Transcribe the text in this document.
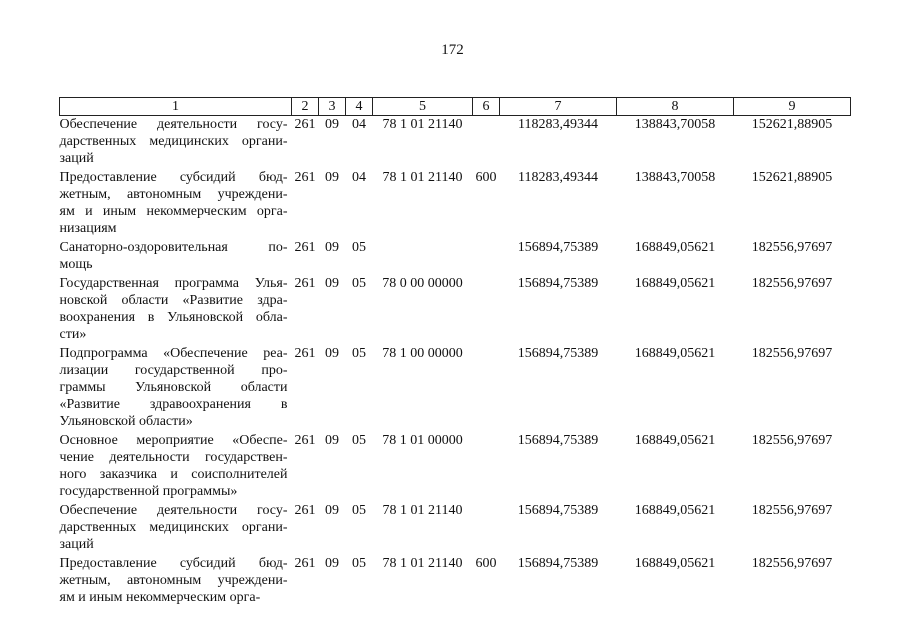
172
1	2	3	4	5	6	7	8	9

Обеспечение деятельности госу-
дарственных медицинских органи-
заций	261	09	04	78 1 01 21140		118283,49344	138843,70058	152621,88905

Предоставление субсидий бюд-
жетным, автономным учреждени-
ям и иным некоммерческим орга-
низациям	261	09	04	78 1 01 21140	600	118283,49344	138843,70058	152621,88905

Санаторно-оздоровительная по-
мощь	261	09	05			156894,75389	168849,05621	182556,97697

Государственная программа Улья-
новской области «Развитие здра-
воохранения в Ульяновской обла-
сти»	261	09	05	78 0 00 00000		156894,75389	168849,05621	182556,97697

Подпрограмма «Обеспечение реа-
лизации государственной про-
граммы Ульяновской области
«Развитие здравоохранения в
Ульяновской области»	261	09	05	78 1 00 00000		156894,75389	168849,05621	182556,97697

Основное мероприятие «Обеспе-
чение деятельности государствен-
ного заказчика и соисполнителей
государственной программы»	261	09	05	78 1 01 00000		156894,75389	168849,05621	182556,97697

Обеспечение деятельности госу-
дарственных медицинских органи-
заций	261	09	05	78 1 01 21140		156894,75389	168849,05621	182556,97697

Предоставление субсидий бюд-
жетным, автономным учреждени-
ям и иным некоммерческим орга-	261	09	05	78 1 01 21140	600	156894,75389	168849,05621	182556,97697
